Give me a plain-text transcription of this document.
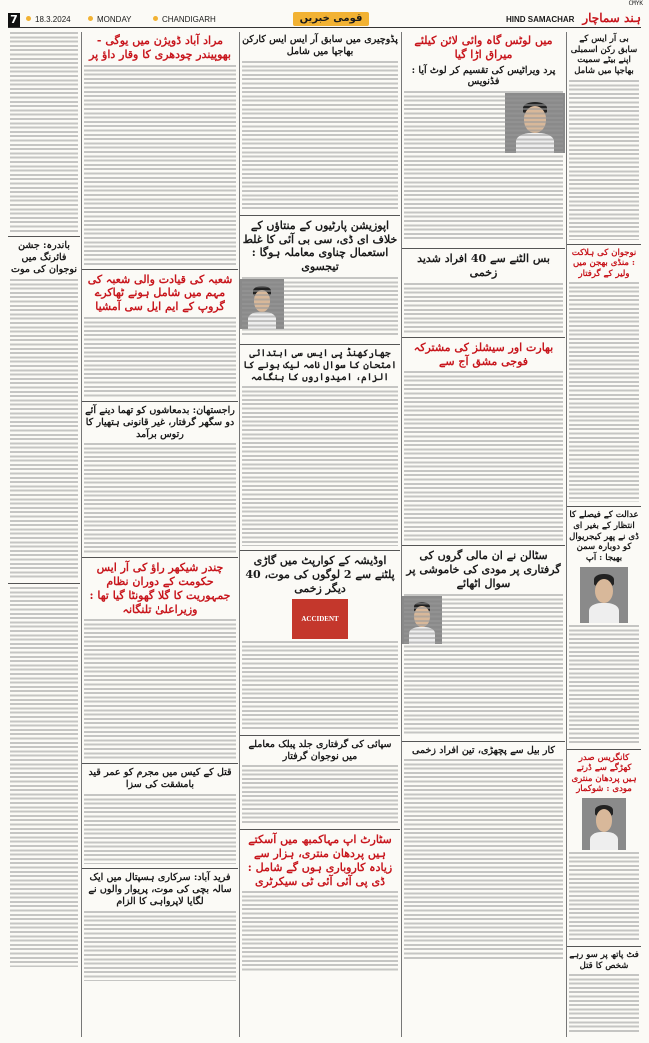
CMYK
7	18.3.2024	MONDAY	CHANDIGARH	قومی خبریں	HIND SAMACHAR ہند سماچار
باندرہ: جشن فائرنگ میں نوجوان کی موت
مراد آباد ڈویژن میں یوگی - بھوپیندر چودھری کا وقار داؤ پر
شعبہ کی قیادت والی شعبہ کی مہم میں شامل ہونے ٹھاکرے گروپ کے ایم ایل سی آمشیا
راجستھان: بدمعاشوں کو تھما دینے آئے دو سگھر گرفتار، غیر قانونی ہتھیار کا رتوس برآمد
چندر شیکھر راؤ کی آر ایس حکومت کے دوران نظام جمہوریت کا گلا گھونٹا گیا تھا : وزیراعلیٰ تلنگانہ
قتل کے کیس میں مجرم کو عمر قید بامشقت کی سزا
فرید آباد: سرکاری ہسپتال میں ایک سالہ بچی کی موت، پریوار والوں نے لگایا لاپرواہی کا الزام
پڈوچیری میں سابق آر ایس ایس کارکن بھاجپا میں شامل
اپوزیشن پارٹیوں کے منتاؤں کے خلاف ای ڈی، سی بی آئی کا غلط استعمال چناوی معاملہ ہوگا : تیجسوی
جھارکھنڈ پی ایس سی ابتدائی امتحان کا سوال نامہ لیک ہونے کا الزام، امیدواروں کا ہنگامہ
اوڈیشہ کے کوارپٹ میں گاڑی پلٹنے سے 2 لوگوں کی موت، 40 دیگر زخمی
ACCIDENT
سپائی کی گرفتاری جلد پبلک معاملے میں نوجوان گرفتار
سٹارٹ اپ مہاکمبھ میں آسکتے ہیں پردھان منتری، ہزار سے زیادہ کاروباری ہوں گے شامل : ڈی پی آئی آئی ٹی سیکرٹری
میں لوٹس گاہ وائی لائن کیلئے میراق اڑا گیا
پرد ویراٹیس کی تقسیم کر لوٹ آیا : فڈنویس
بس الٹنے سے 40 افراد شدید زخمی
بھارت اور سیشلز کی مشترکہ فوجی مشق آج سے
سٹالن نے ان مالی گروں کی گرفتاری پر مودی کی خاموشی پر سوال اٹھائے
کار بیل سے پچھڑی، تین افراد زخمی
بی آر ایس کے سابق رکن اسمبلی اپنے بیٹے سمیت بھاجپا میں شامل
نوجوان کی ہلاکت : منڈی بھجن میں ولیر کے گرفتار
عدالت کے فیصلے کا انتظار کے بغیر ای ڈی نے پھر کیجریوال کو دوبارہ سمن بھیجا : آپ
کانگریس صدر کھڑگے سے ڈرتے ہیں پردھان منتری مودی : شوکمار
فٹ پاتھ پر سو رہے شخص کا قتل
